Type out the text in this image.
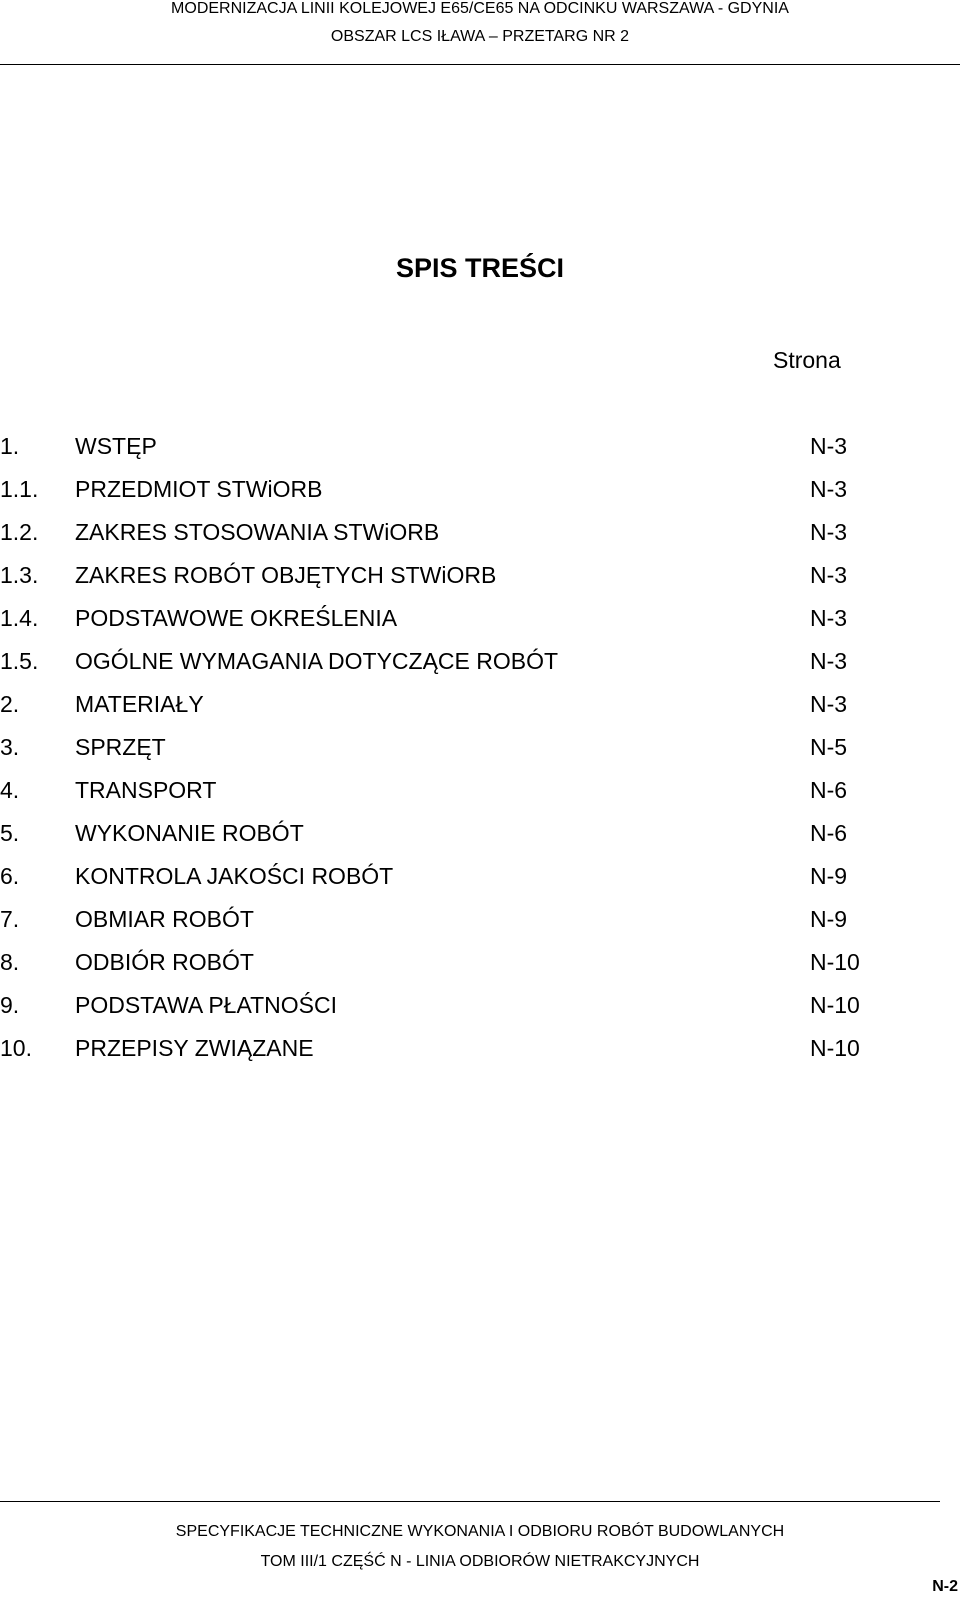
MODERNIZACJA LINII KOLEJOWEJ E65/CE65 NA ODCINKU WARSZAWA - GDYNIA
OBSZAR LCS IŁAWA – PRZETARG NR 2
SPIS TREŚCI
Strona
1. WSTĘP	N-3
1.1. PRZEDMIOT STWiORB	N-3
1.2. ZAKRES STOSOWANIA STWiORB	N-3
1.3. ZAKRES ROBÓT OBJĘTYCH STWiORB	N-3
1.4. PODSTAWOWE OKREŚLENIA	N-3
1.5. OGÓLNE WYMAGANIA DOTYCZĄCE ROBÓT	N-3
2. MATERIAŁY	N-3
3. SPRZĘT	N-5
4. TRANSPORT	N-6
5. WYKONANIE ROBÓT	N-6
6. KONTROLA JAKOŚCI ROBÓT	N-9
7. OBMIAR ROBÓT	N-9
8. ODBIÓR ROBÓT	N-10
9. PODSTAWA PŁATNOŚCI	N-10
10. PRZEPISY ZWIĄZANE	N-10
SPECYFIKACJE TECHNICZNE WYKONANIA I ODBIORU ROBÓT BUDOWLANYCH
TOM III/1 CZĘŚĆ N - LINIA ODBIORÓW NIETRAKCYJNYCH
N-2
